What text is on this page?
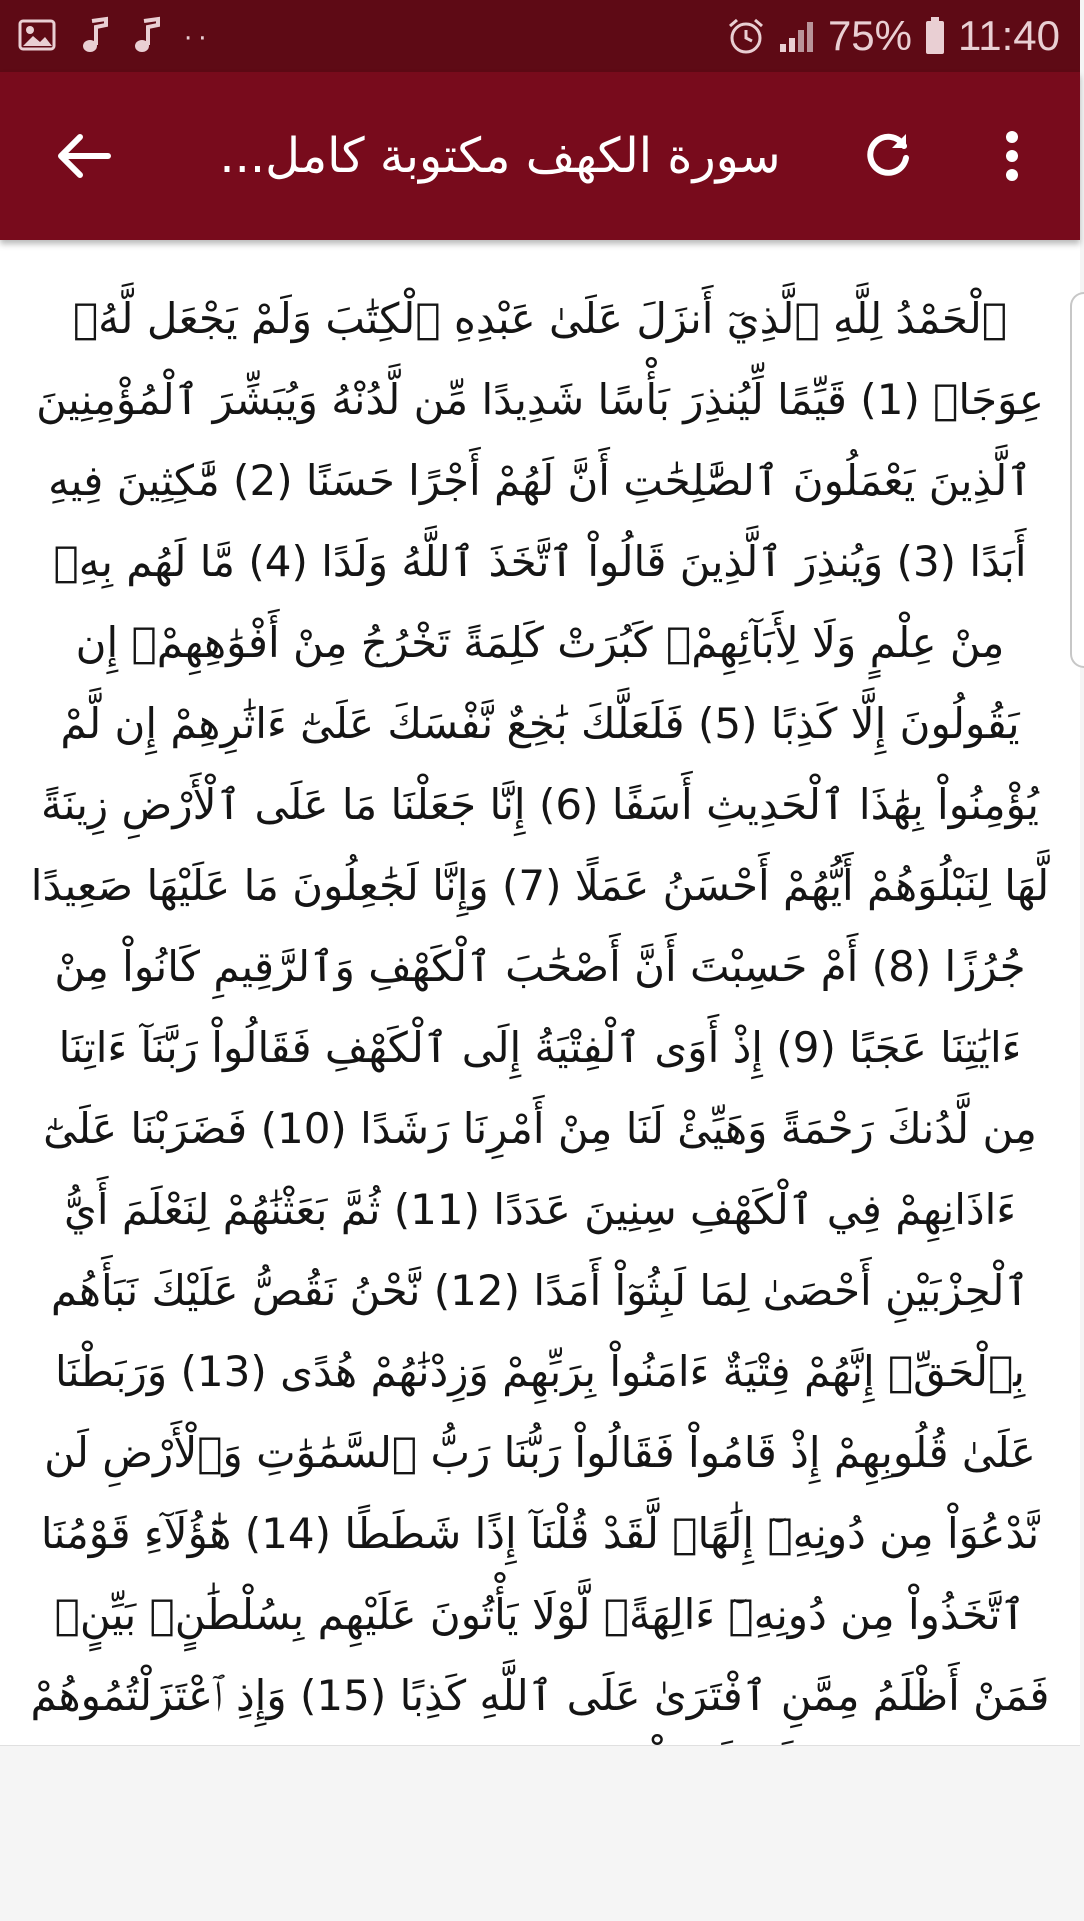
··	75% 11:40
سورة الكهف مكتوبة كامل...

ٱلْحَمْدُ لِلَّهِ ٱلَّذِيٓ أَنزَلَ عَلَىٰ عَبْدِهِ ٱلْكِتَٰبَ وَلَمْ يَجْعَل لَّهُۥ عِوَجَاۜ (1) قَيِّمًا لِّيُنذِرَ بَأْسًا شَدِيدًا مِّن لَّدُنْهُ وَيُبَشِّرَ ٱلْمُؤْمِنِينَ ٱلَّذِينَ يَعْمَلُونَ ٱلصَّٰلِحَٰتِ أَنَّ لَهُمْ أَجْرًا حَسَنًا (2) مَّٰكِثِينَ فِيهِ أَبَدًا (3) وَيُنذِرَ ٱلَّذِينَ قَالُواْ ٱتَّخَذَ ٱللَّهُ وَلَدًا (4) مَّا لَهُم بِهِۦ مِنْ عِلْمٍ وَلَا لِأَبَآئِهِمْۚ كَبُرَتْ كَلِمَةً تَخْرُجُ مِنْ أَفْوَٰهِهِمْۚ إِن يَقُولُونَ إِلَّا كَذِبًا (5) فَلَعَلَّكَ بَٰخِعٌ نَّفْسَكَ عَلَىٰٓ ءَاثَٰرِهِمْ إِن لَّمْ يُؤْمِنُواْ بِهَٰذَا ٱلْحَدِيثِ أَسَفًا (6) إِنَّا جَعَلْنَا مَا عَلَى ٱلْأَرْضِ زِينَةً لَّهَا لِنَبْلُوَهُمْ أَيُّهُمْ أَحْسَنُ عَمَلًا (7) وَإِنَّا لَجَٰعِلُونَ مَا عَلَيْهَا صَعِيدًا جُرُزًا (8) أَمْ حَسِبْتَ أَنَّ أَصْحَٰبَ ٱلْكَهْفِ وَٱلرَّقِيمِ كَانُواْ مِنْ ءَايَٰتِنَا عَجَبًا (9) إِذْ أَوَى ٱلْفِتْيَةُ إِلَى ٱلْكَهْفِ فَقَالُواْ رَبَّنَآ ءَاتِنَا مِن لَّدُنكَ رَحْمَةً وَهَيِّئْ لَنَا مِنْ أَمْرِنَا رَشَدًا (10) فَضَرَبْنَا عَلَىٰٓ ءَاذَانِهِمْ فِي ٱلْكَهْفِ سِنِينَ عَدَدًا (11) ثُمَّ بَعَثْنَٰهُمْ لِنَعْلَمَ أَيُّ ٱلْحِزْبَيْنِ أَحْصَىٰ لِمَا لَبِثُوٓاْ أَمَدًا (12) نَّحْنُ نَقُصُّ عَلَيْكَ نَبَأَهُم بِٱلْحَقِّۚ إِنَّهُمْ فِتْيَةٌ ءَامَنُواْ بِرَبِّهِمْ وَزِدْنَٰهُمْ هُدًى (13) وَرَبَطْنَا عَلَىٰ قُلُوبِهِمْ إِذْ قَامُواْ فَقَالُواْ رَبُّنَا رَبُّ ٱلسَّمَٰوَٰتِ وَٱلْأَرْضِ لَن نَّدْعُوَاْ مِن دُونِهِۦٓ إِلَٰهًاۖ لَّقَدْ قُلْنَآ إِذًا شَطَطًا (14) هَٰٓؤُلَآءِ قَوْمُنَا ٱتَّخَذُواْ مِن دُونِهِۦٓ ءَالِهَةًۖ لَّوْلَا يَأْتُونَ عَلَيْهِم بِسُلْطَٰنٍۭ بَيِّنٍۖ فَمَنْ أَظْلَمُ مِمَّنِ ٱفْتَرَىٰ عَلَى ٱللَّهِ كَذِبًا (15) وَإِذِ ٱعْتَزَلْتُمُوهُمْ
